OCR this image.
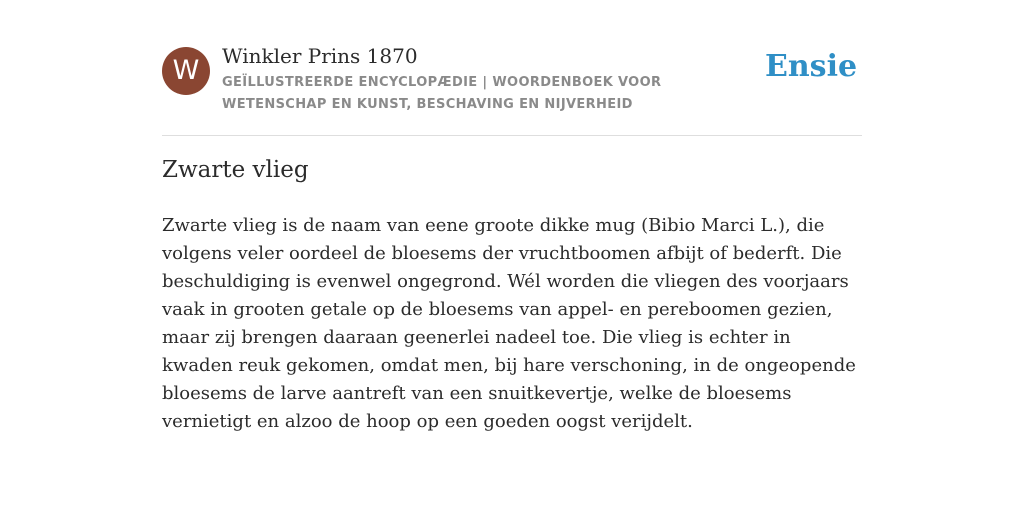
W	Winkler Prins 1870
GEÏLLUSTREERDE ENCYCLOPÆDIE | WOORDENBOEK VOOR WETENSCHAP EN KUNST, BESCHAVING EN NIJVERHEID
Ensie
Zwarte vlieg

Zwarte vlieg is de naam van eene groote dikke mug (Bibio Marci L.), die volgens veler oordeel de bloesems der vruchtboomen afbijt of bederft. Die beschuldiging is evenwel ongegrond. Wél worden die vliegen des voorjaars vaak in grooten getale op de bloesems van appel- en pereboomen gezien, maar zij brengen daaraan geenerlei nadeel toe. Die vlieg is echter in kwaden reuk gekomen, omdat men, bij hare verschoning, in de ongeopende bloesems de larve aantreft van een snuitkevertje, welke de bloesems vernietigt en alzoo de hoop op een goeden oogst verijdelt.
